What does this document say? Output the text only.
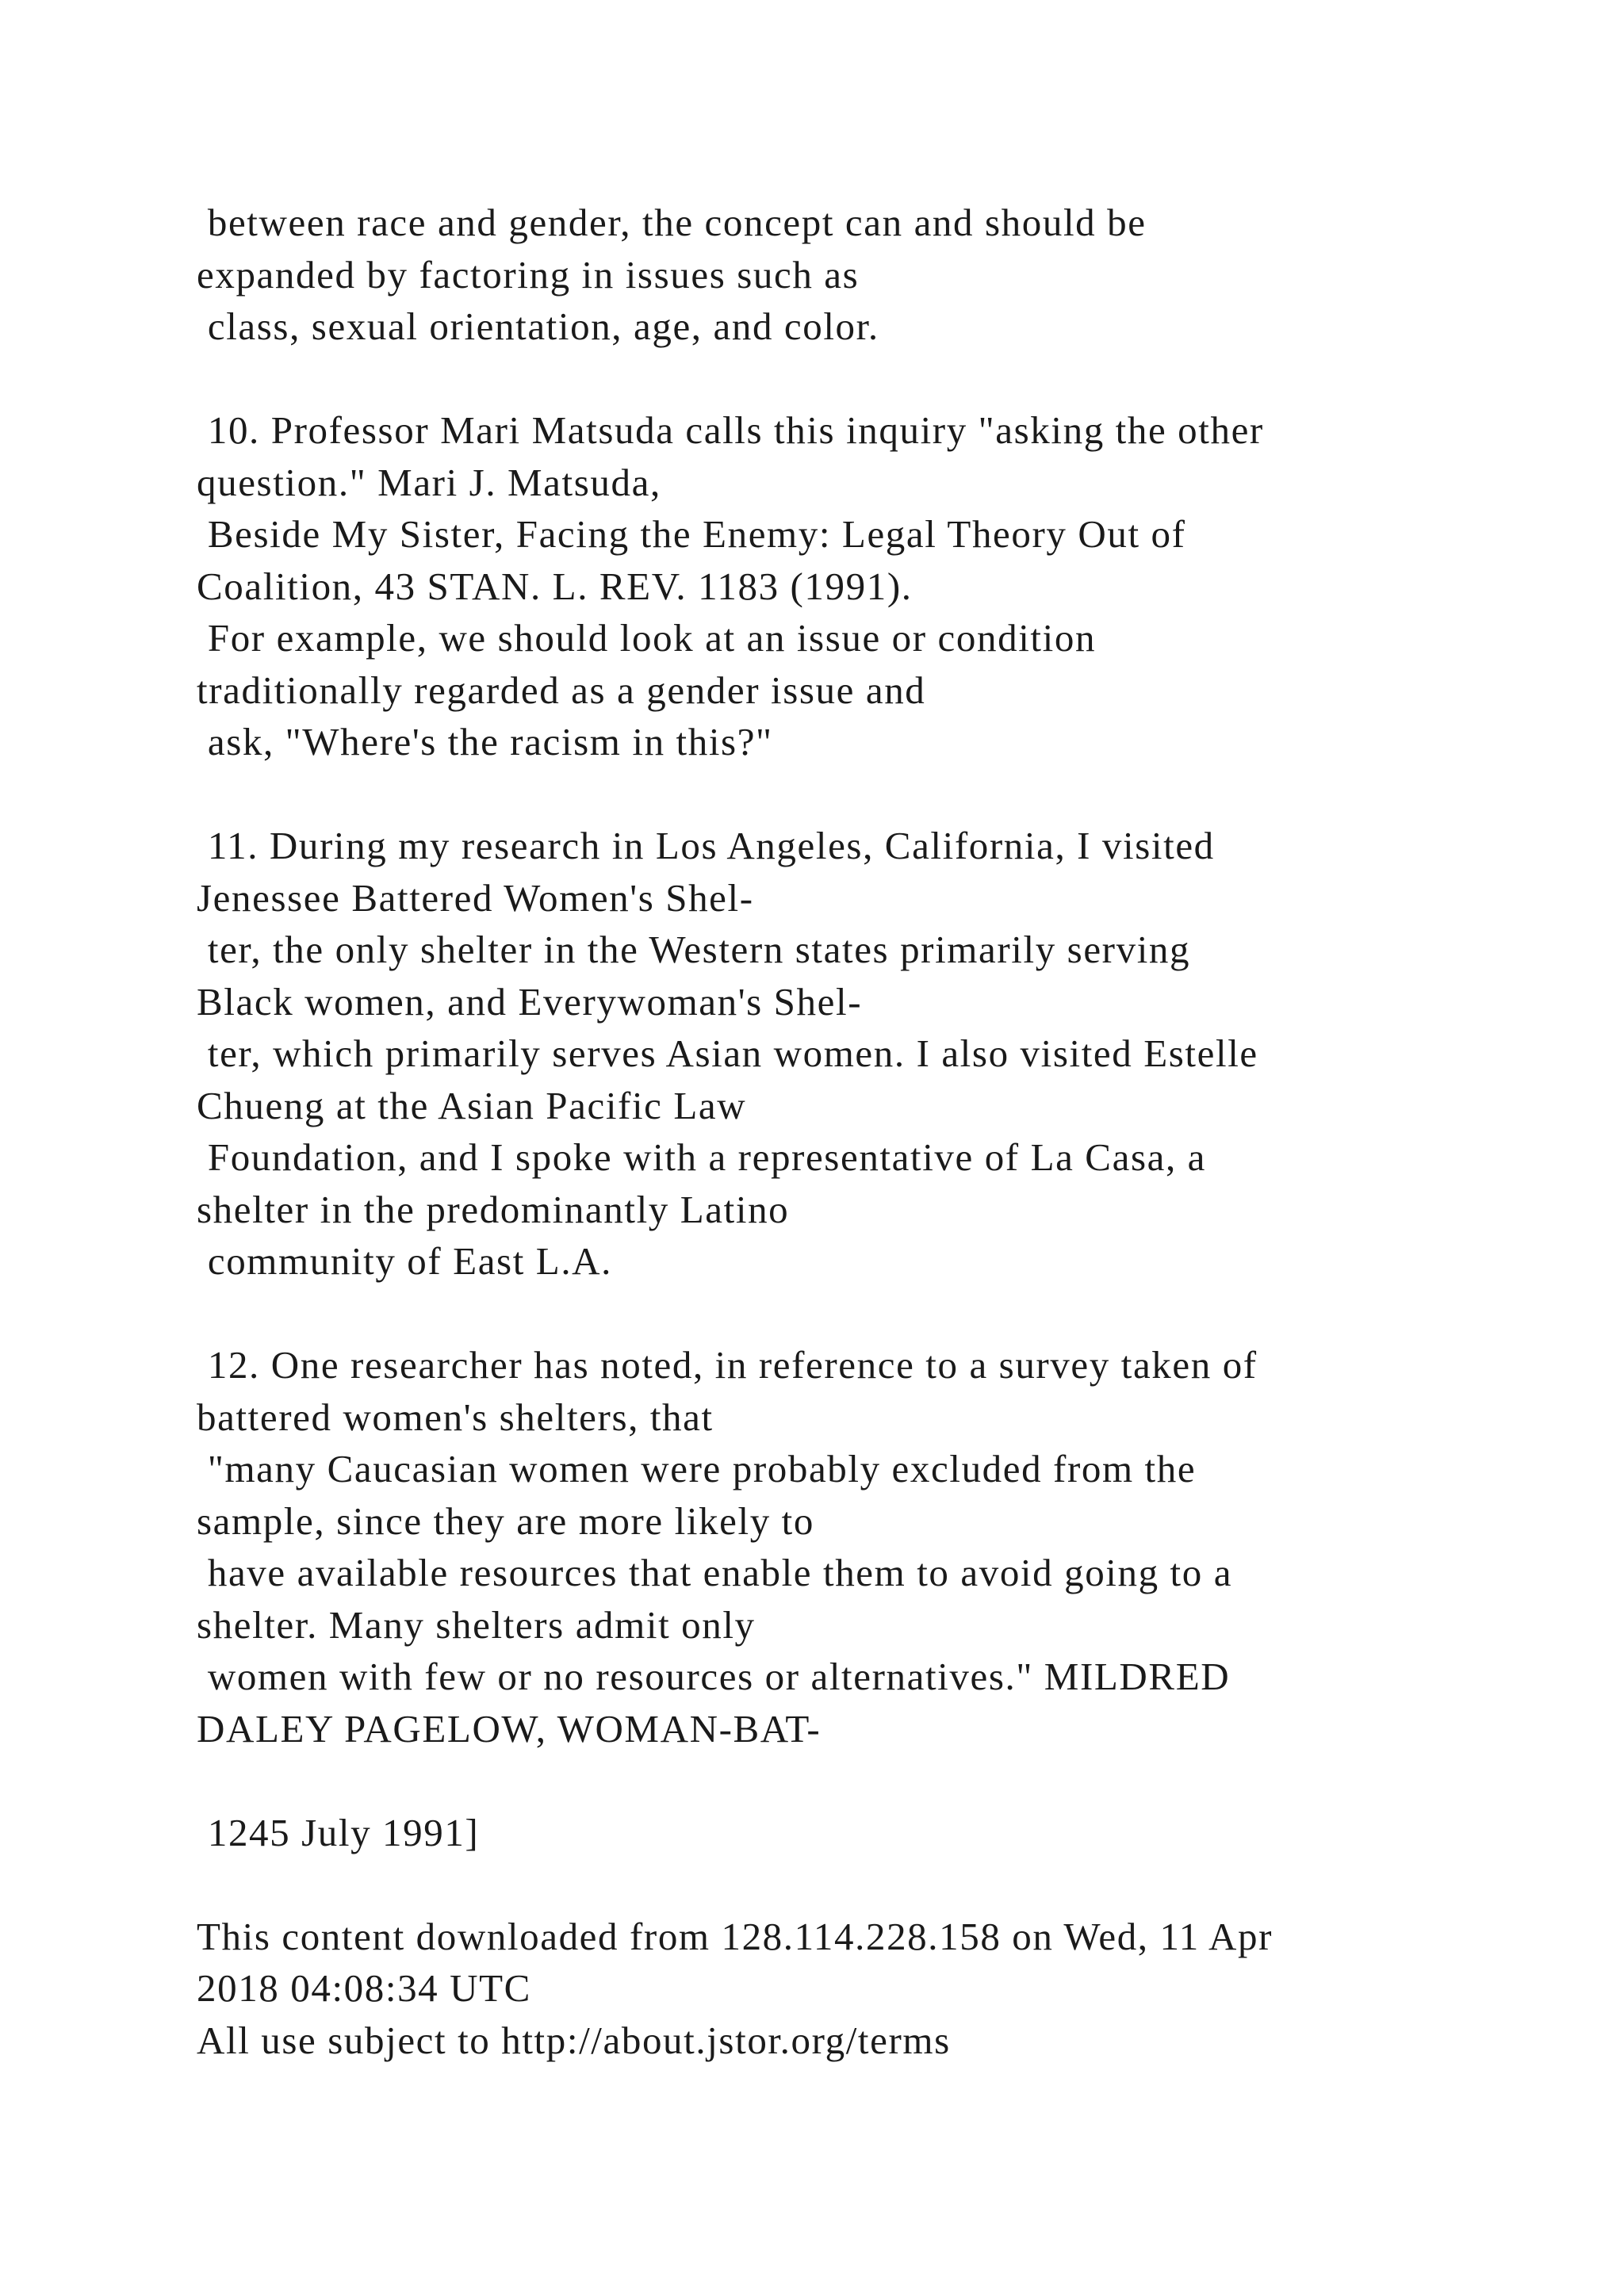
between race and gender, the concept can and should be
expanded by factoring in issues such as
class, sexual orientation, age, and color.
10. Professor Mari Matsuda calls this inquiry "asking the other
question." Mari J. Matsuda,
Beside My Sister, Facing the Enemy: Legal Theory Out of
Coalition, 43 STAN. L. REV. 1183 (1991).
For example, we should look at an issue or condition
traditionally regarded as a gender issue and
ask, "Where's the racism in this?"
11. During my research in Los Angeles, California, I visited
Jenessee Battered Women's Shel-
ter, the only shelter in the Western states primarily serving
Black women, and Everywoman's Shel-
ter, which primarily serves Asian women. I also visited Estelle
Chueng at the Asian Pacific Law
Foundation, and I spoke with a representative of La Casa, a
shelter in the predominantly Latino
community of East L.A.
12. One researcher has noted, in reference to a survey taken of
battered women's shelters, that
"many Caucasian women were probably excluded from the
sample, since they are more likely to
have available resources that enable them to avoid going to a
shelter. Many shelters admit only
women with few or no resources or alternatives." MILDRED
DALEY PAGELOW, WOMAN-BAT-
1245 July 1991]
This content downloaded from 128.114.228.158 on Wed, 11 Apr
2018 04:08:34 UTC
All use subject to http://about.jstor.org/terms
